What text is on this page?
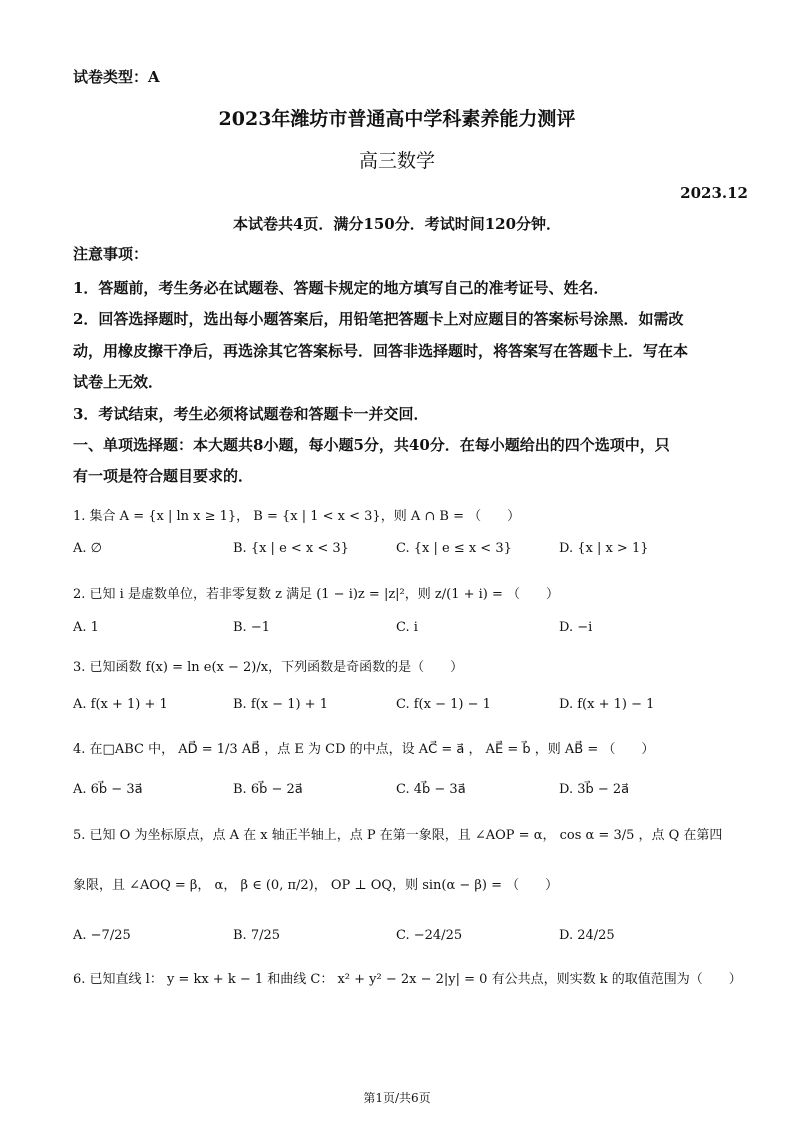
试卷类型：A
2023年潍坊市普通高中学科素养能力测评
高三数学
2023.12
本试卷共4页．满分150分．考试时间120分钟．
注意事项：
1．答题前，考生务必在试题卷、答题卡规定的地方填写自己的准考证号、姓名．
2．回答选择题时，选出每小题答案后，用铅笔把答题卡上对应题目的答案标号涂黑．如需改
动，用橡皮擦干净后，再选涂其它答案标号．回答非选择题时，将答案写在答题卡上．写在本
试卷上无效．
3．考试结束，考生必须将试题卷和答题卡一并交回．
一、单项选择题：本大题共8小题，每小题5分，共40分．在每小题给出的四个选项中，只
有一项是符合题目要求的．
1. 集合 A = {x | ln x ≥ 1}， B = {x | 1 < x < 3}，则 A ∩ B = （　　）
A. ∅	B. {x | e < x < 3}	C. {x | e ≤ x < 3}	D. {x | x > 1}
2. 已知 i 是虚数单位，若非零复数 z 满足 (1 − i)z = |z|²，则 z/(1 + i) = （　　）
A. 1	B. −1	C. i	D. −i
3. 已知函数 f(x) = ln e(x − 2)/x，下列函数是奇函数的是（　　）
A. f(x + 1) + 1	B. f(x − 1) + 1	C. f(x − 1) − 1	D. f(x + 1) − 1
4. 在□ABC 中， AD⃗ = 1/3 AB⃗ ，点 E 为 CD 的中点，设 AC⃗ = a⃗ ， AE⃗ = b⃗ ，则 AB⃗ = （　　）
A. 6b⃗ − 3a⃗	B. 6b⃗ − 2a⃗	C. 4b⃗ − 3a⃗	D. 3b⃗ − 2a⃗
5. 已知 O 为坐标原点，点 A 在 x 轴正半轴上，点 P 在第一象限，且 ∠AOP = α， cos α = 3/5 ，点 Q 在第四
象限，且 ∠AOQ = β， α， β ∈ (0, π/2)， OP ⊥ OQ，则 sin(α − β) = （　　）
A. −7/25	B. 7/25	C. −24/25	D. 24/25
6. 已知直线 l： y = kx + k − 1 和曲线 C： x² + y² − 2x − 2|y| = 0 有公共点，则实数 k 的取值范围为（　　）
第1页/共6页
